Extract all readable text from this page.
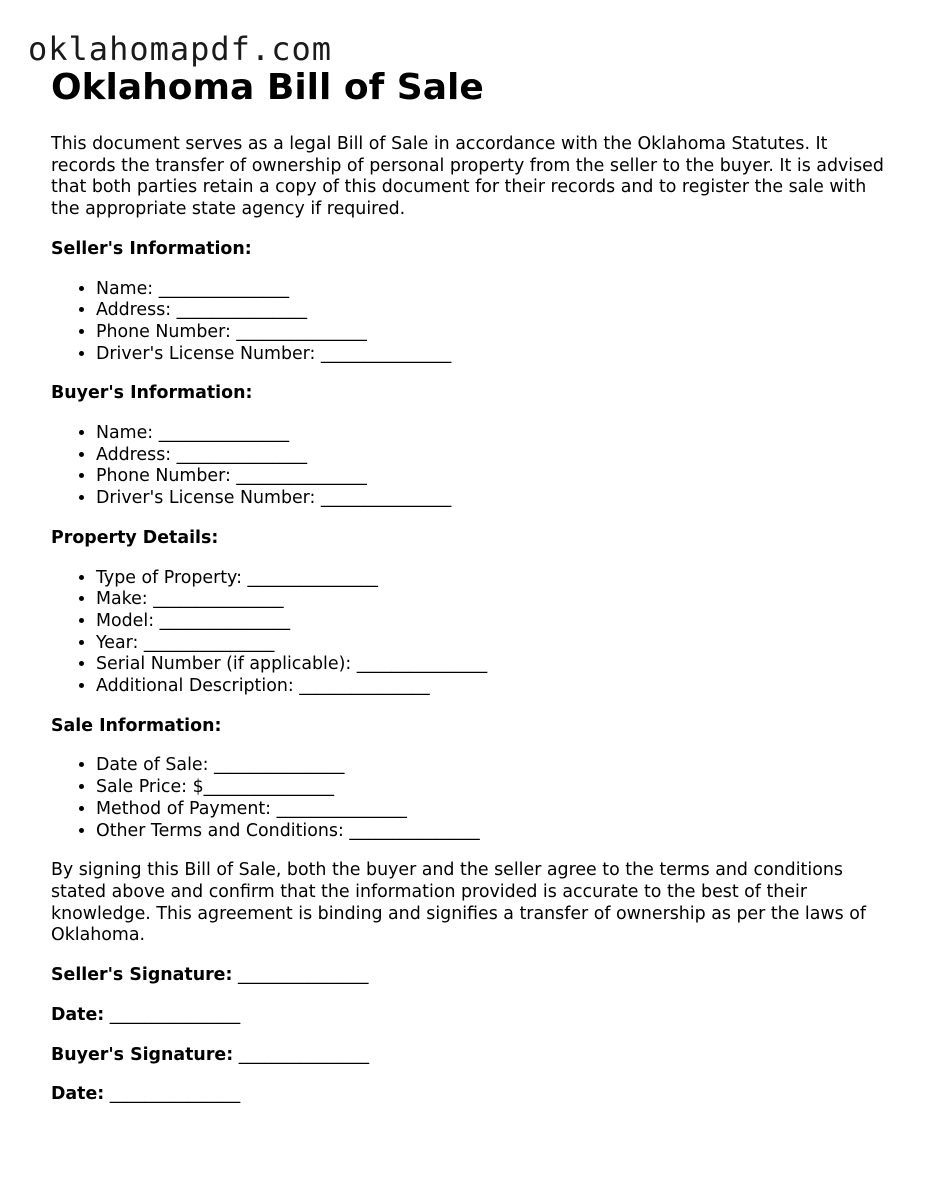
oklahomapdf.com
Oklahoma Bill of Sale

This document serves as a legal Bill of Sale in accordance with the Oklahoma Statutes. It records the transfer of ownership of personal property from the seller to the buyer. It is advised that both parties retain a copy of this document for their records and to register the sale with the appropriate state agency if required.

Seller's Information:

• Name: _______________
• Address: _______________
• Phone Number: _______________
• Driver's License Number: _______________

Buyer's Information:

• Name: _______________
• Address: _______________
• Phone Number: _______________
• Driver's License Number: _______________

Property Details:

• Type of Property: _______________
• Make: _______________
• Model: _______________
• Year: _______________
• Serial Number (if applicable): _______________
• Additional Description: _______________

Sale Information:

• Date of Sale: _______________
• Sale Price: $_______________
• Method of Payment: _______________
• Other Terms and Conditions: _______________

By signing this Bill of Sale, both the buyer and the seller agree to the terms and conditions stated above and confirm that the information provided is accurate to the best of their knowledge. This agreement is binding and signifies a transfer of ownership as per the laws of Oklahoma.

Seller's Signature: _______________

Date: _______________

Buyer's Signature: _______________

Date: _______________
